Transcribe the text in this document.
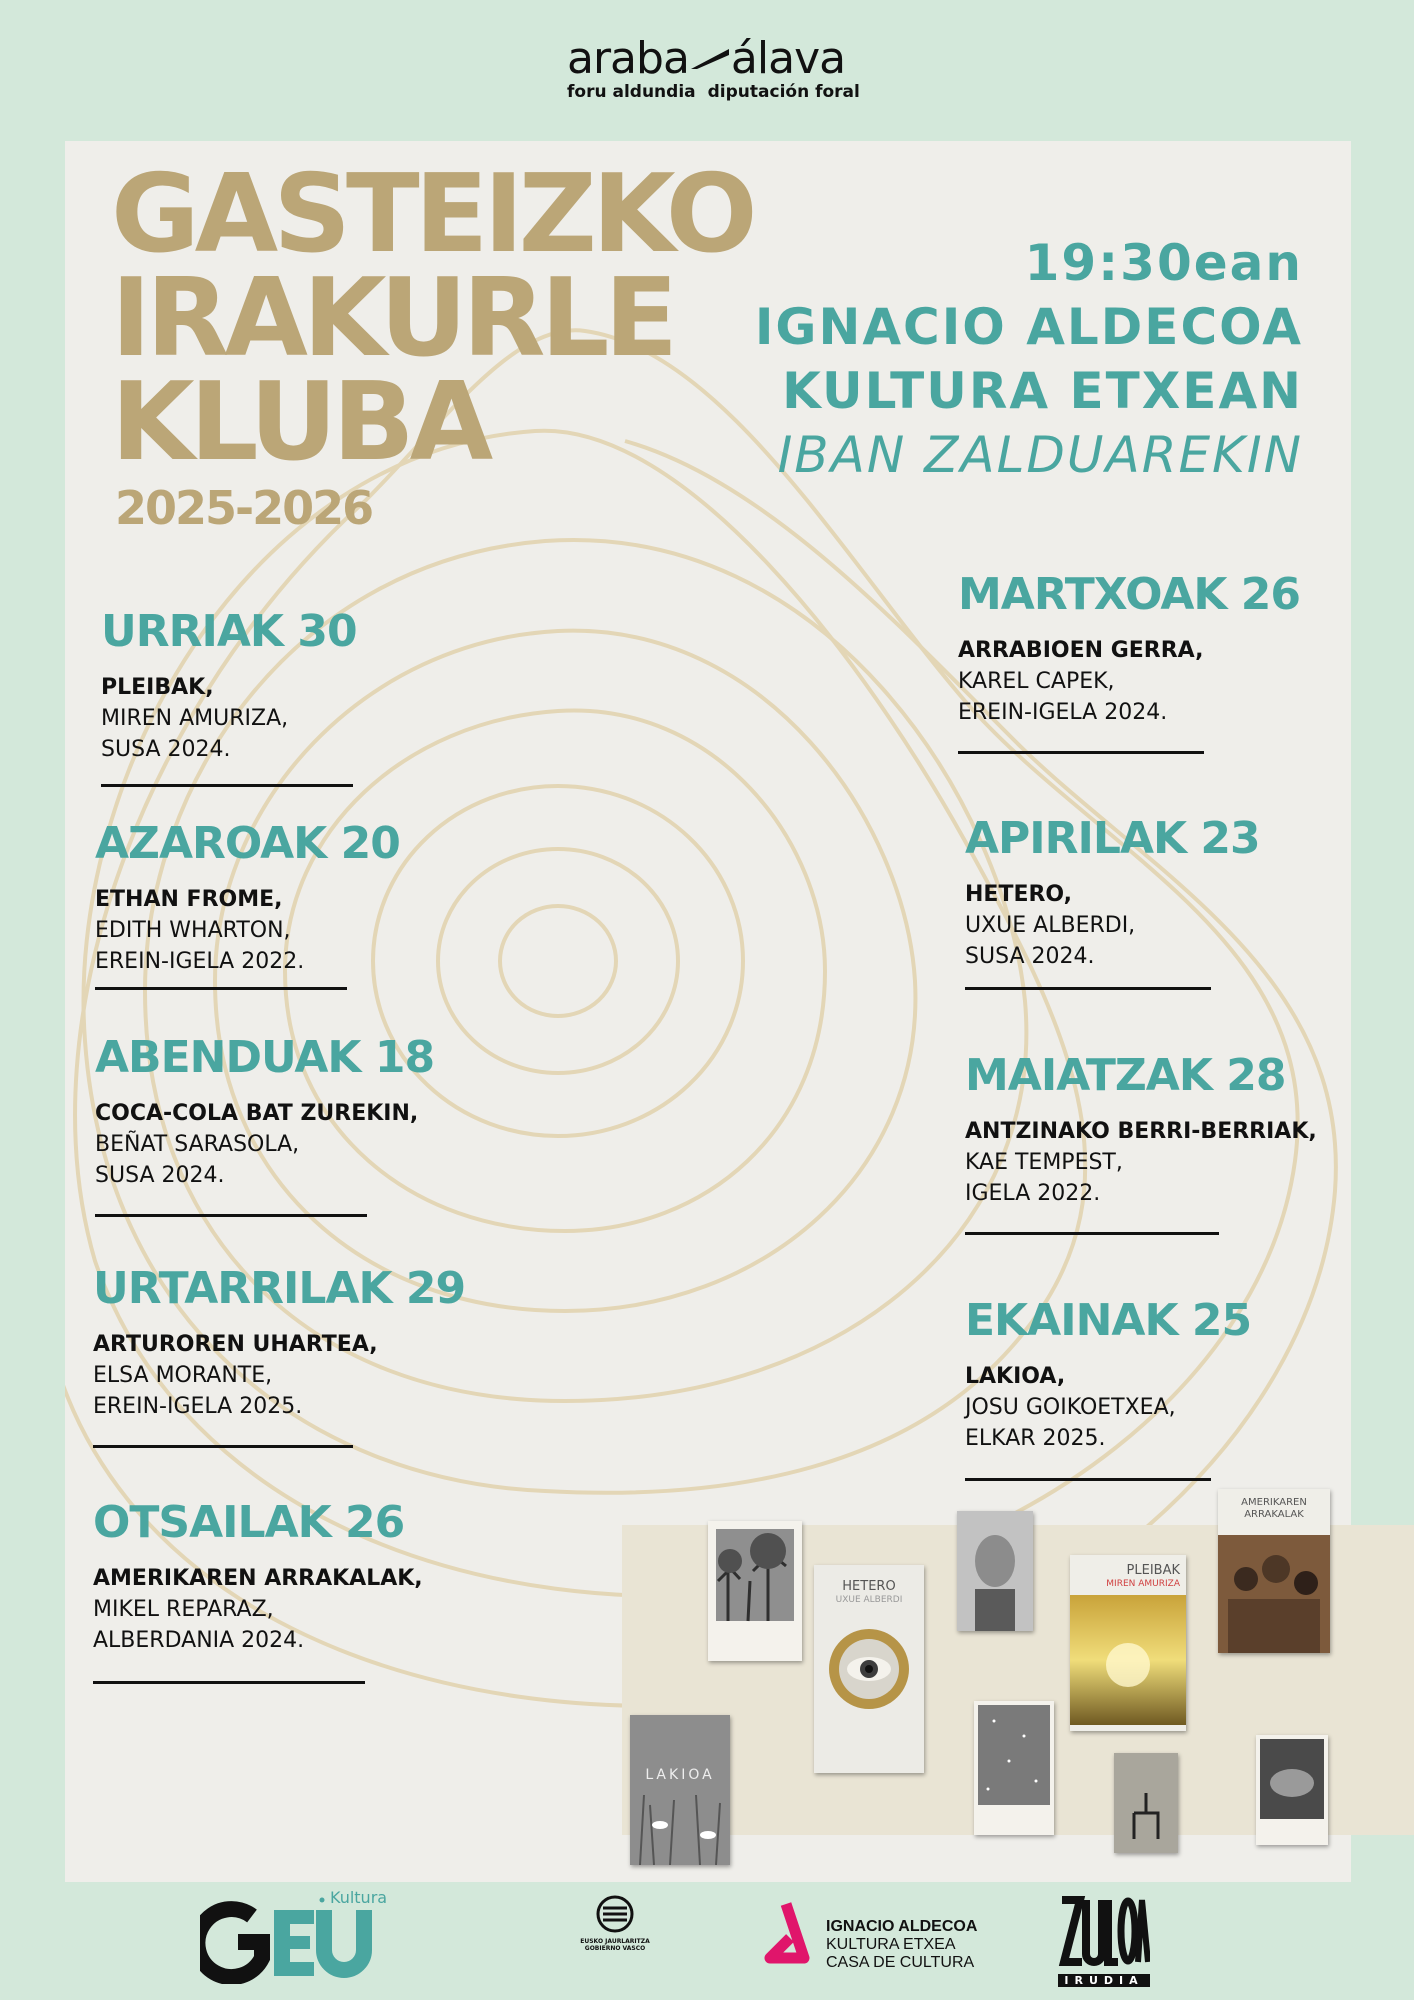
araba álava
foru aldundia diputación foral
GASTEIZKO
IRAKURLE
KLUBA
2025-2026
19:30ean
IGNACIO ALDECOA
KULTURA ETXEAN
IBAN ZALDUAREKIN
URRIAK 30
PLEIBAK,
MIREN AMURIZA,
SUSA 2024.
AZAROAK 20
ETHAN FROME,
EDITH WHARTON,
EREIN-IGELA 2022.
ABENDUAK 18
COCA-COLA BAT ZUREKIN,
BEÑAT SARASOLA,
SUSA 2024.
URTARRILAK 29
ARTUROREN UHARTEA,
ELSA MORANTE,
EREIN-IGELA 2025.
OTSAILAK 26
AMERIKAREN ARRAKALAK,
MIKEL REPARAZ,
ALBERDANIA 2024.
MARTXOAK 26
ARRABIOEN GERRA,
KAREL CAPEK,
EREIN-IGELA 2024.
APIRILAK 23
HETERO,
UXUE ALBERDI,
SUSA 2024.
MAIATZAK 28
ANTZINAKO BERRI-BERRIAK,
KAE TEMPEST,
IGELA 2022.
EKAINAK 25
LAKIOA,
JOSU GOIKOETXEA,
ELKAR 2025.
HETERO
UXUE ALBERDI
PLEIBAK
MIREN AMURIZA
AMERIKAREN ARRAKALAK
LAKIOA
Kultura
EUSKO JAURLARITZA
GOBIERNO VASCO
IGNACIO ALDECOA
KULTURA ETXEA
CASA DE CULTURA
IRUDIA
